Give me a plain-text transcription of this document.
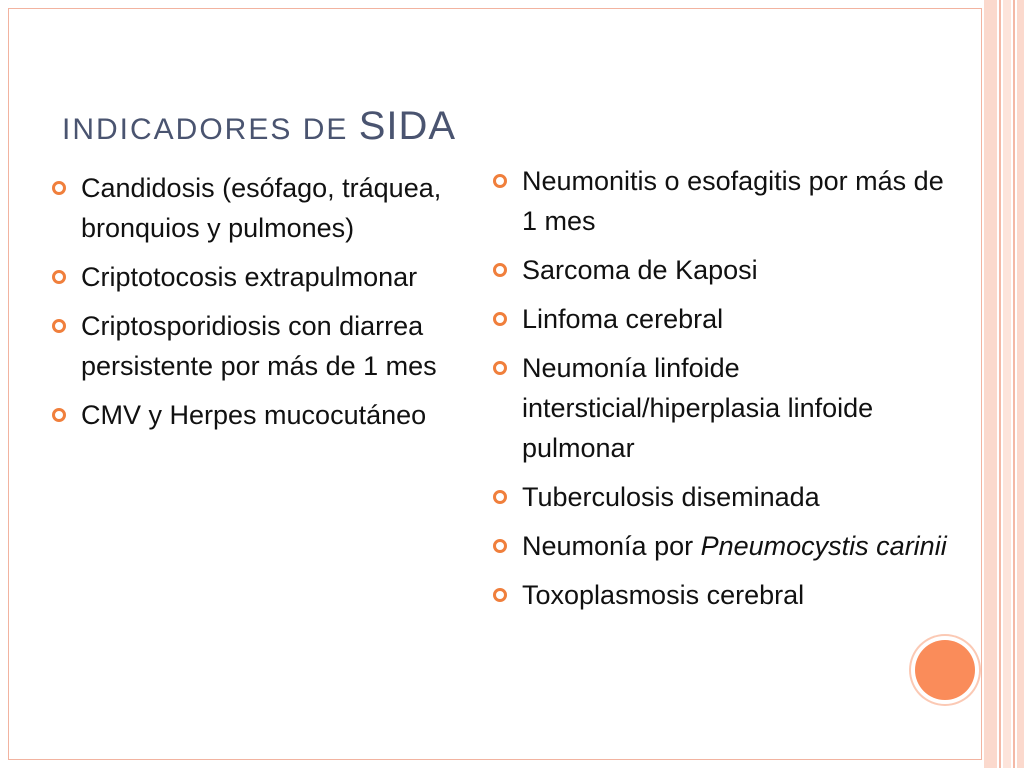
INDICADORES DE SIDA
Candidosis (esófago, tráquea, bronquios y pulmones)
Criptotocosis extrapulmonar
Criptosporidiosis con diarrea persistente por más de 1 mes
CMV y Herpes mucocutáneo
Neumonitis o esofagitis por más de 1 mes
Sarcoma de Kaposi
Linfoma cerebral
Neumonía linfoide intersticial/hiperplasia linfoide pulmonar
Tuberculosis diseminada
Neumonía por Pneumocystis carinii
Toxoplasmosis cerebral
